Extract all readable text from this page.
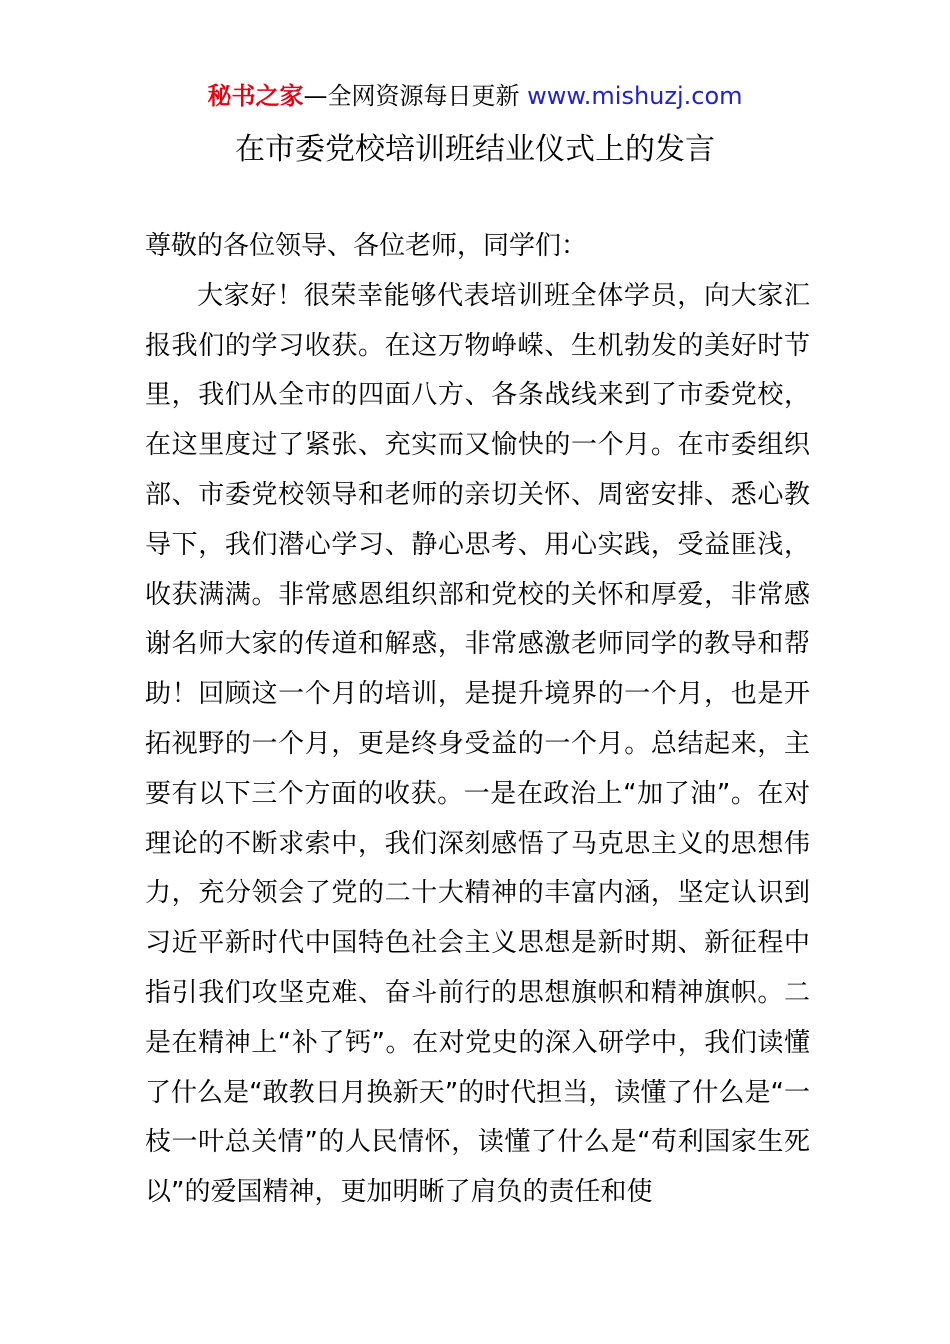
秘书之家—全网资源每日更新 www.mishuzj.com
在市委党校培训班结业仪式上的发言

尊敬的各位领导、各位老师，同学们：

大家好！很荣幸能够代表培训班全体学员，向大家汇报我们的学习收获。在这万物峥嵘、生机勃发的美好时节里，我们从全市的四面八方、各条战线来到了市委党校，在这里度过了紧张、充实而又愉快的一个月。在市委组织部、市委党校领导和老师的亲切关怀、周密安排、悉心教导下，我们潜心学习、静心思考、用心实践，受益匪浅，收获满满。非常感恩组织部和党校的关怀和厚爱，非常感谢名师大家的传道和解惑，非常感激老师同学的教导和帮助！回顾这一个月的培训，是提升境界的一个月，也是开拓视野的一个月，更是终身受益的一个月。总结起来，主要有以下三个方面的收获。一是在政治上“加了油”。在对理论的不断求索中，我们深刻感悟了马克思主义的思想伟力，充分领会了党的二十大精神的丰富内涵，坚定认识到习近平新时代中国特色社会主义思想是新时期、新征程中指引我们攻坚克难、奋斗前行的思想旗帜和精神旗帜。二是在精神上“补了钙”。在对党史的深入研学中，我们读懂了什么是“敢教日月换新天”的时代担当，读懂了什么是“一枝一叶总关情”的人民情怀，读懂了什么是“苟利国家生死以”的爱国精神，更加明晰了肩负的责任和使
